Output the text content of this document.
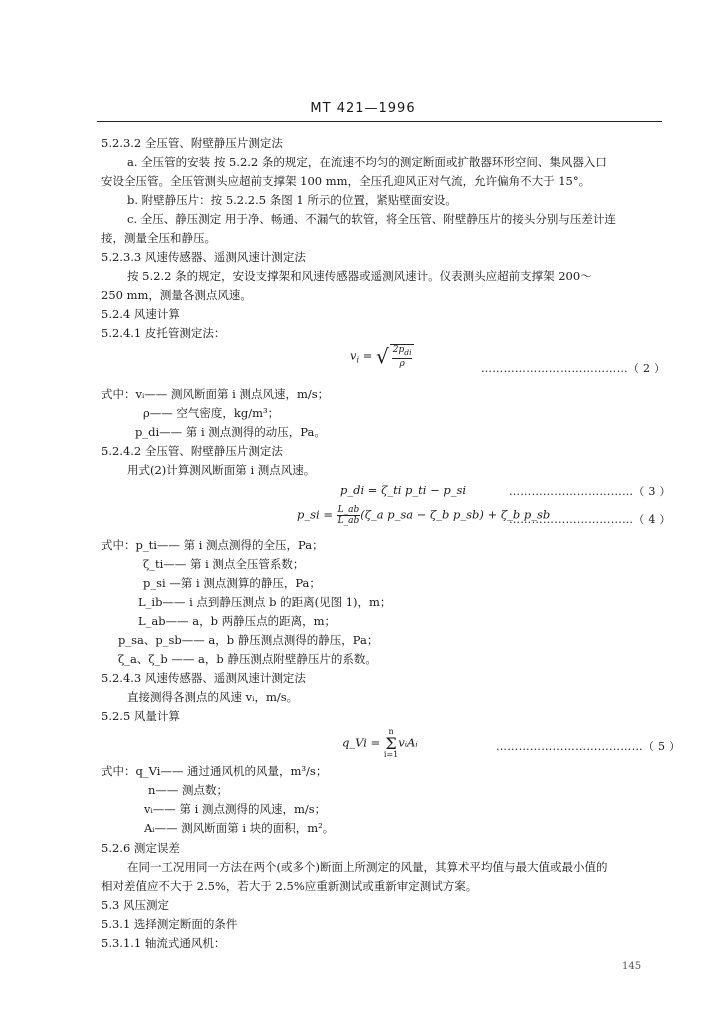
MT 421—1996
5.2.3.2 全压管、附壁静压片测定法
a. 全压管的安装 按 5.2.2 条的规定，在流速不均匀的测定断面或扩散器环形空间、集风器入口
安设全压管。全压管测头应超前支撑架 100 mm，全压孔迎风正对气流，允许偏角不大于 15°。
b. 附壁静压片：按 5.2.2.5 条图 1 所示的位置，紧贴壁面安设。
c. 全压、静压测定 用于净、畅通、不漏气的软管，将全压管、附壁静压片的接头分别与压差计连
接，测量全压和静压。
5.2.3.3 风速传感器、遥测风速计测定法
按 5.2.2 条的规定，安设支撑架和风速传感器或遥测风速计。仪表测头应超前支撑架 200～
250 mm，测量各测点风速。
5.2.4 风速计算
5.2.4.1 皮托管测定法：
$v_i$ = √ $\frac{2p_{di}}{\rho}$	…………………………………（ 2 ）
式中：vᵢ—— 测风断面第 i 测点风速，m/s；
ρ—— 空气密度，kg/m³；
p_di—— 第 i 测点测得的动压，Pa。
5.2.4.2 全压管、附壁静压片测定法
用式(2)计算测风断面第 i 测点风速。
p_di = ζ_ti p_ti − p_si	……………………………（ 3 ）
p_si = $\frac{L\_ab}{L\_ab}$ (ζ_a p_sa − ζ_b p_sb) + ζ_b p_sb
……………………………（ 4 ）
式中：p_ti—— 第 i 测点测得的全压，Pa；
ζ_ti—— 第 i 测点全压管系数；
p_si —第 i 测点测算的静压，Pa；
L_ib—— i 点到静压测点 b 的距离(见图 1)，m；
L_ab—— a，b 两静压点的距离，m；
p_sa、p_sb—— a，b 静压测点测得的静压，Pa；
ζ_a、ζ_b —— a，b 静压测点附壁静压片的系数。
5.2.4.3 风速传感器、遥测风速计测定法
直接测得各测点的风速 vᵢ，m/s。
5.2.5 风量计算
q_Vi = n
Σ
i=1vᵢAᵢ	…………………………………（ 5 ）
式中：q_Vi—— 通过通风机的风量，m³/s；
n—— 测点数；
vᵢ—— 第 i 测点测得的风速，m/s；
Aᵢ—— 测风断面第 i 块的面积，m²。
5.2.6 测定误差
在同一工况用同一方法在两个(或多个)断面上所测定的风量，其算术平均值与最大值或最小值的
相对差值应不大于 2.5%，若大于 2.5%应重新测试或重新审定测试方案。
5.3 风压测定
5.3.1 选择测定断面的条件
5.3.1.1 轴流式通风机：
145
